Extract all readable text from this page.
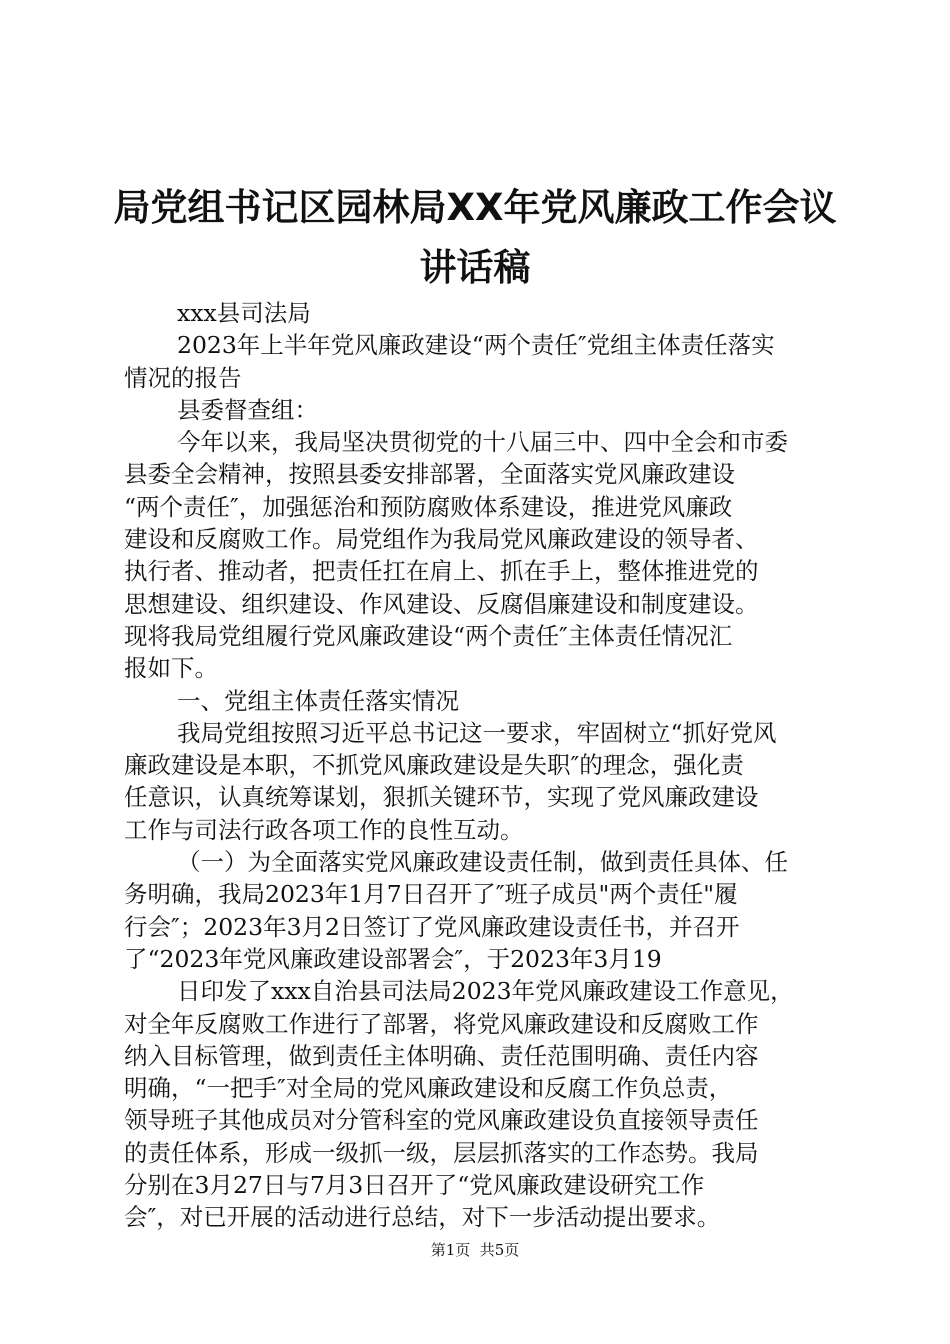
局党组书记区园林局XX年党风廉政工作会议
讲话稿
xxx县司法局
2023年上半年党风廉政建设“两个责任″党组主体责任落实
情况的报告
县委督查组：
今年以来，我局坚决贯彻党的十八届三中、四中全会和市委
县委全会精神，按照县委安排部署，全面落实党风廉政建设
“两个责任″，加强惩治和预防腐败体系建设，推进党风廉政
建设和反腐败工作。局党组作为我局党风廉政建设的领导者、
执行者、推动者，把责任扛在肩上、抓在手上，整体推进党的
思想建设、组织建设、作风建设、反腐倡廉建设和制度建设。
现将我局党组履行党风廉政建设“两个责任″主体责任情况汇
报如下。
一、党组主体责任落实情况
我局党组按照习近平总书记这一要求，牢固树立“抓好党风
廉政建设是本职，不抓党风廉政建设是失职″的理念，强化责
任意识，认真统筹谋划，狠抓关键环节，实现了党风廉政建设
工作与司法行政各项工作的良性互动。
（一）为全面落实党风廉政建设责任制，做到责任具体、任
务明确，我局2023年1月7日召开了″班子成员"两个责任"履
行会″；2023年3月2日签订了党风廉政建设责任书，并召开
了“2023年党风廉政建设部署会″，于2023年3月19
日印发了xxx自治县司法局2023年党风廉政建设工作意见，
对全年反腐败工作进行了部署，将党风廉政建设和反腐败工作
纳入目标管理，做到责任主体明确、责任范围明确、责任内容
明确，“一把手″对全局的党风廉政建设和反腐工作负总责，
领导班子其他成员对分管科室的党风廉政建设负直接领导责任
的责任体系，形成一级抓一级，层层抓落实的工作态势。我局
分别在3月27日与7月3日召开了“党风廉政建设研究工作
会″，对已开展的活动进行总结，对下一步活动提出要求。
第1页  共5页
